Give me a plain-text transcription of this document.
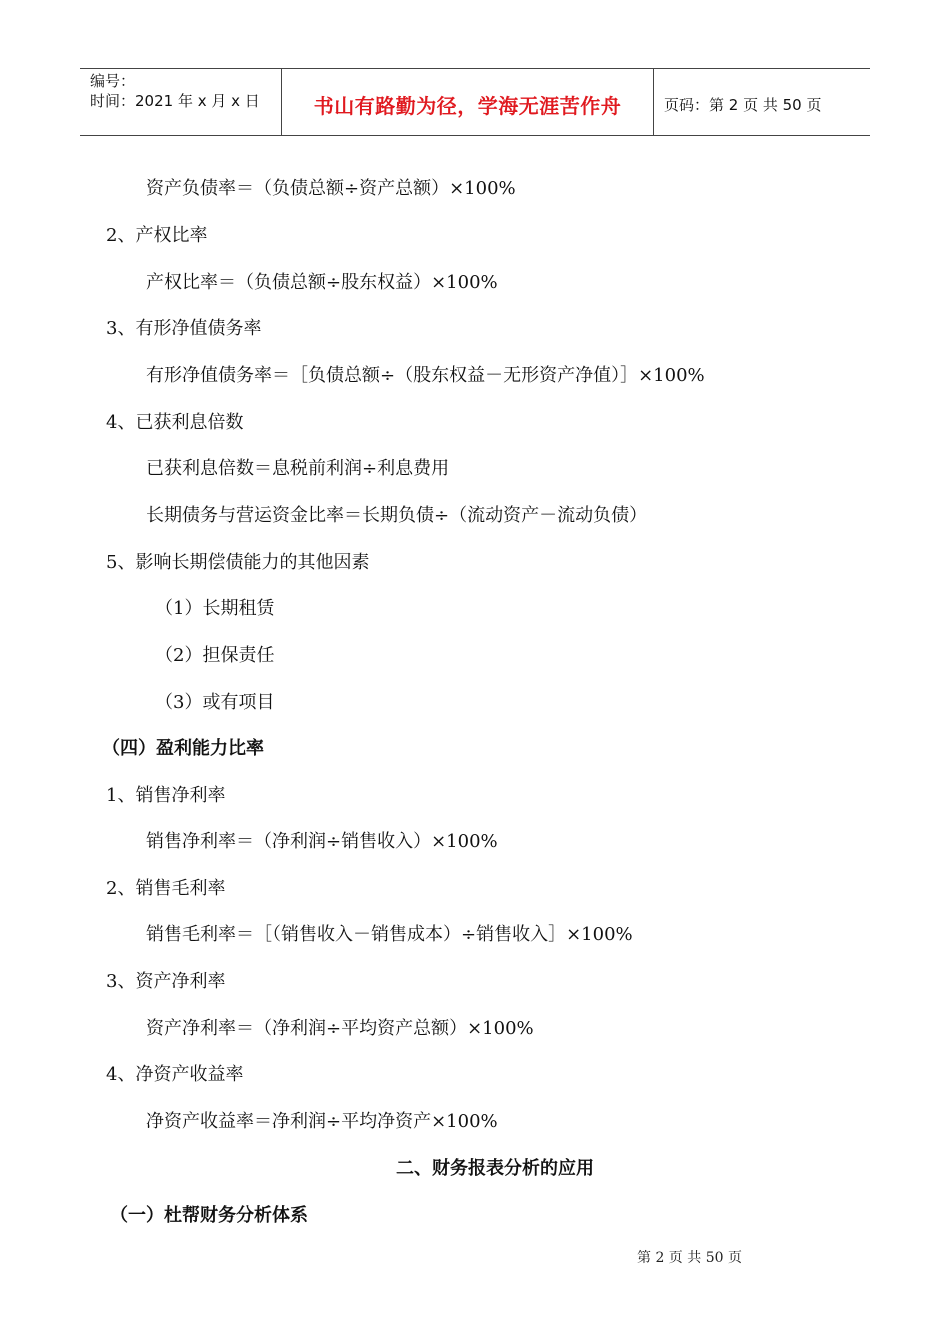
编号：
时间：2021 年 x 月 x 日	书山有路勤为径，学海无涯苦作舟	页码：第 2 页 共 50 页
资产负债率＝（负债总额÷资产总额）×100%
2、产权比率
产权比率＝（负债总额÷股东权益）×100%
3、有形净值债务率
有形净值债务率＝［负债总额÷（股东权益－无形资产净值）］×100%
4、已获利息倍数
已获利息倍数＝息税前利润÷利息费用
长期债务与营运资金比率＝长期负债÷（流动资产－流动负债）
5、影响长期偿债能力的其他因素
（1）长期租赁
（2）担保责任
（3）或有项目
（四）盈利能力比率
1、销售净利率
销售净利率＝（净利润÷销售收入）×100%
2、销售毛利率
销售毛利率＝［（销售收入－销售成本）÷销售收入］×100%
3、资产净利率
资产净利率＝（净利润÷平均资产总额）×100%
4、净资产收益率
净资产收益率＝净利润÷平均净资产×100%
二、财务报表分析的应用
（一）杜帮财务分析体系
第 2 页 共 50 页
